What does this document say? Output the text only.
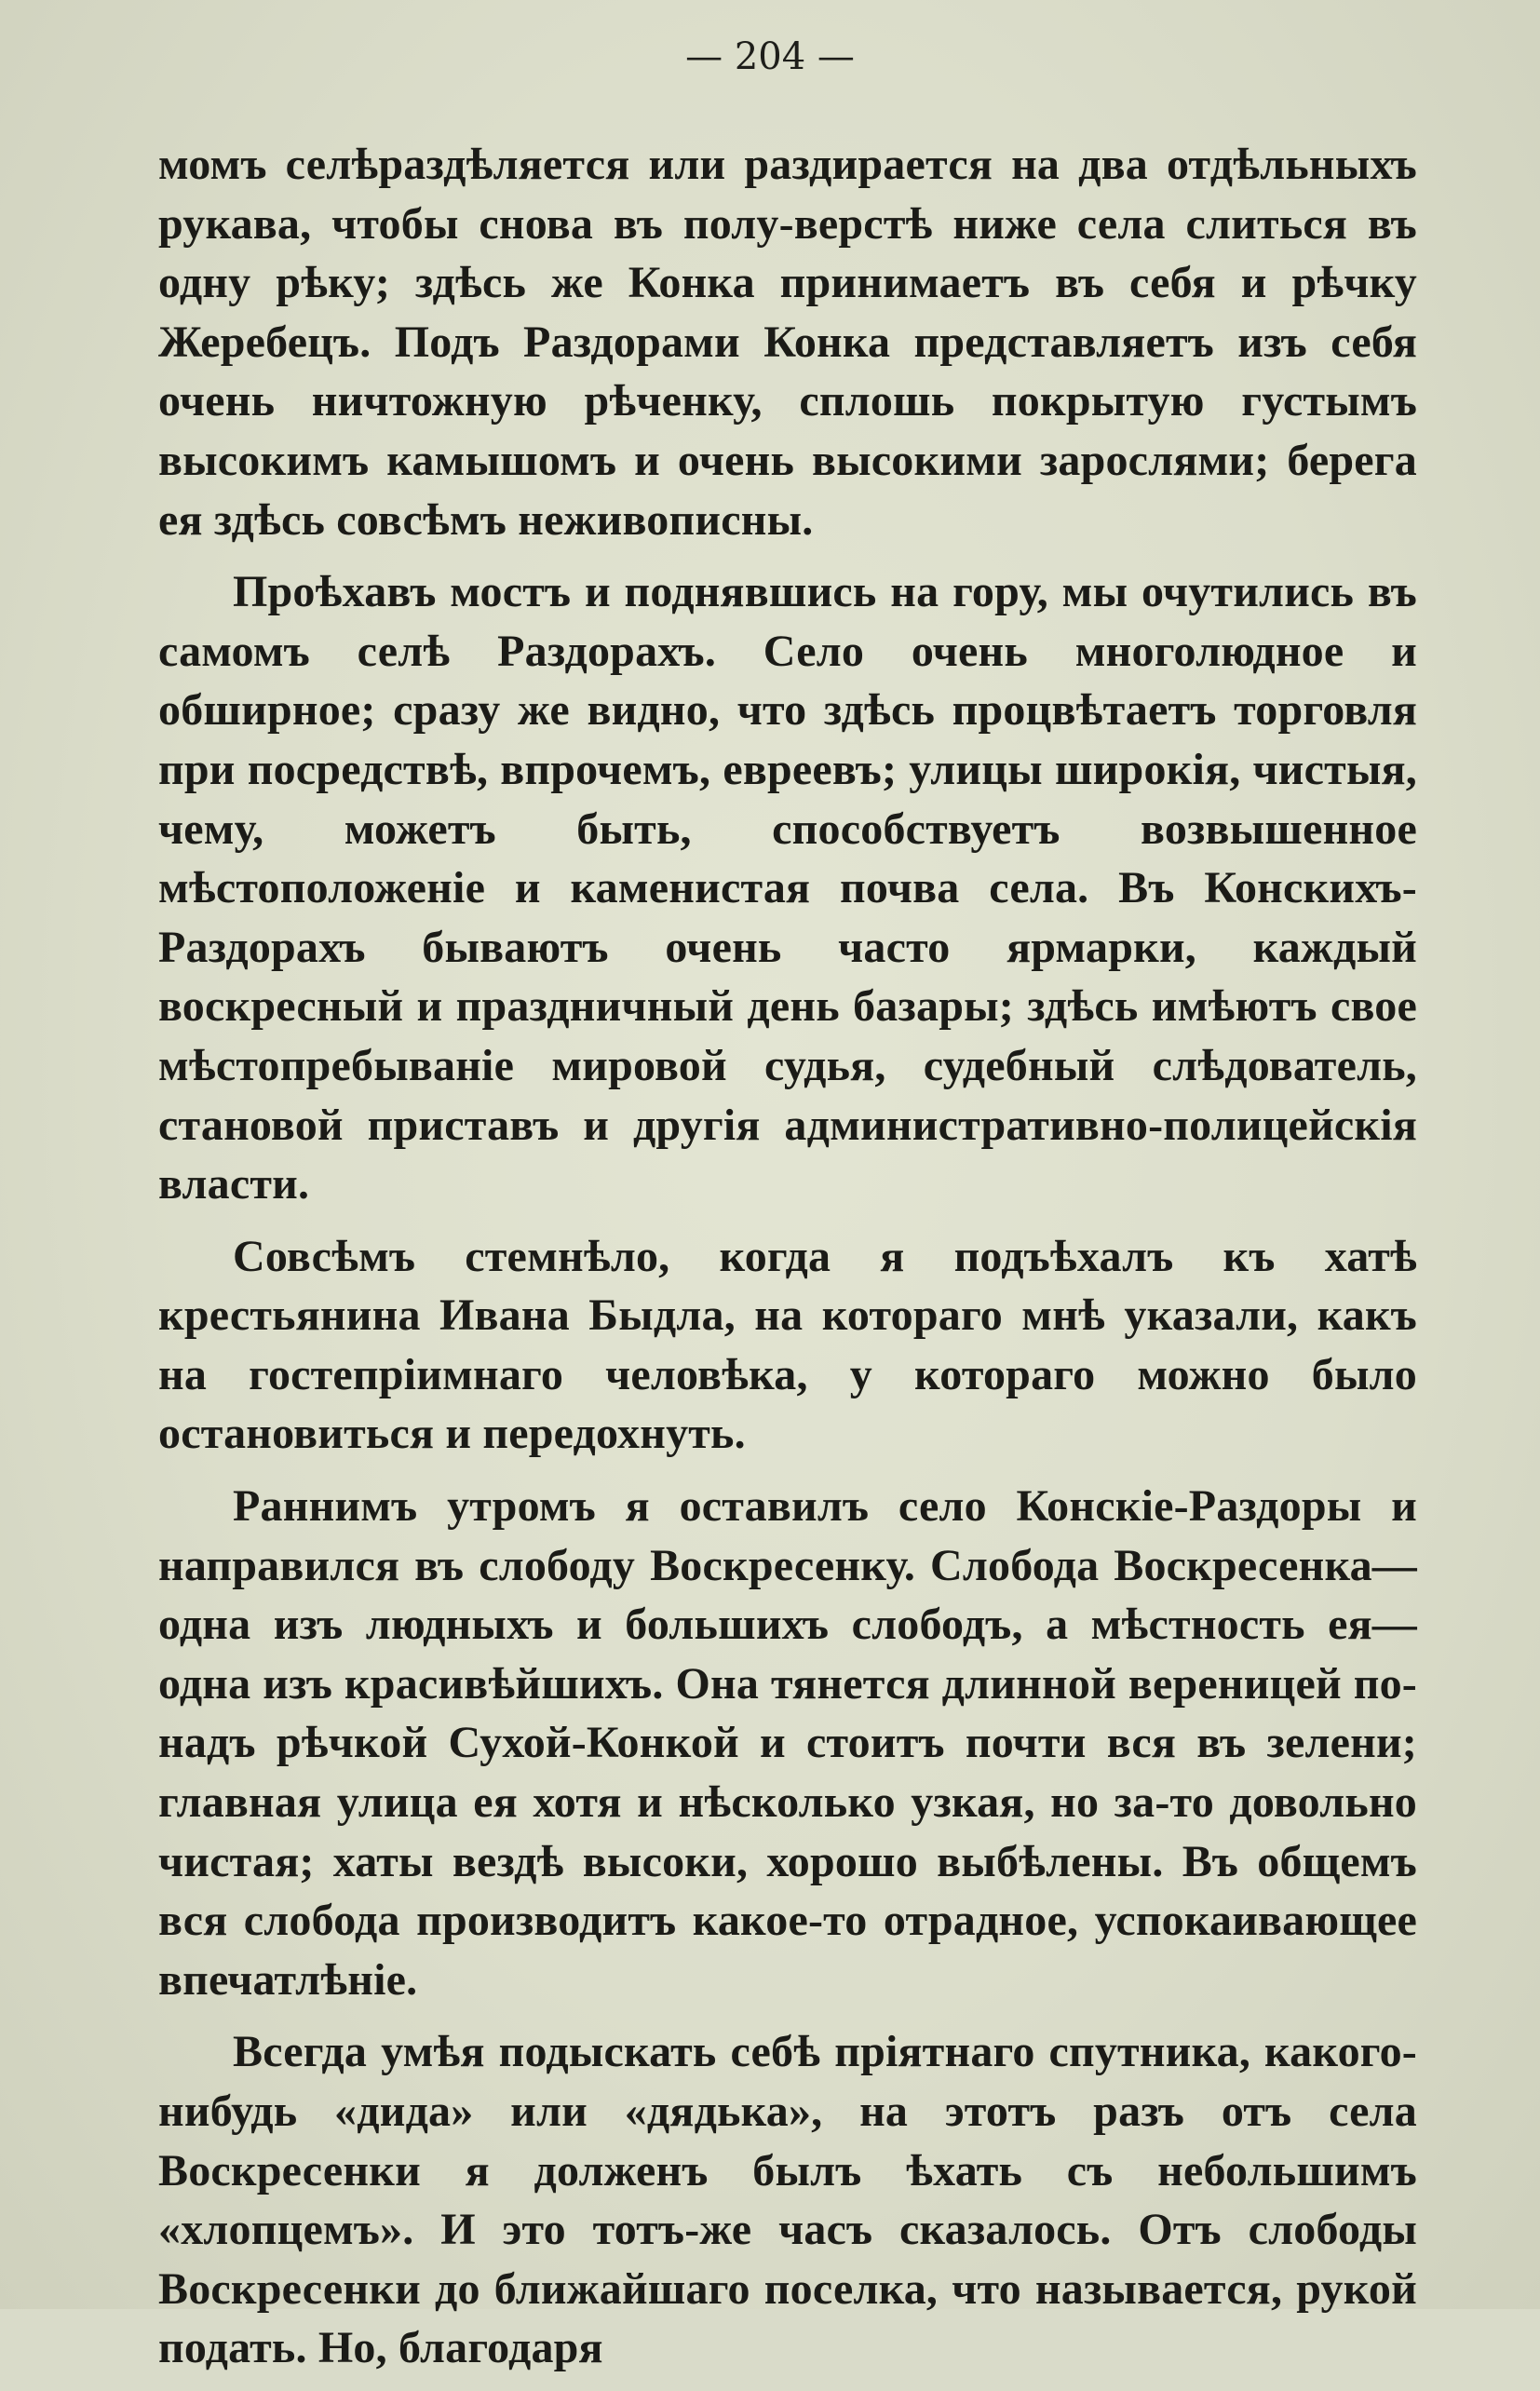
— 204 —

момъ селѣраздѣляется или раздирается на два отдѣльныхъ рукава, чтобы снова въ полу-верстѣ ниже села слиться въ одну рѣку; здѣсь же Конка принимаетъ въ себя и рѣчку Жеребецъ. Подъ Раздорами Конка представляетъ изъ себя очень ничтожную рѣченку, сплошь покрытую густымъ высокимъ камышомъ и очень высокими зарослями; берега ея здѣсь совсѣмъ неживописны.

Проѣхавъ мостъ и поднявшись на гору, мы очутились въ самомъ селѣ Раздорахъ. Село очень многолюдное и обширное; сразу же видно, что здѣсь процвѣтаетъ торговля при посредствѣ, впрочемъ, евреевъ; улицы широкія, чистыя, чему, можетъ быть, способствуетъ возвышенное мѣстоположеніе и каменистая почва села. Въ Конскихъ-Раздорахъ бываютъ очень часто ярмарки, каждый воскресный и праздничный день базары; здѣсь имѣютъ свое мѣстопребываніе мировой судья, судебный слѣдователь, становой приставъ и другія административно-полицейскія власти.

Совсѣмъ стемнѣло, когда я подъѣхалъ къ хатѣ крестьянина Ивана Быдла, на котораго мнѣ указали, какъ на гостепріимнаго человѣка, у котораго можно было остановиться и передохнуть.

Раннимъ утромъ я оставилъ село Конскіе-Раздоры и направился въ слободу Воскресенку. Слобода Воскресенка—одна изъ людныхъ и большихъ слободъ, а мѣстность ея—одна изъ красивѣйшихъ. Она тянется длинной вереницей по-надъ рѣчкой Сухой-Конкой и стоитъ почти вся въ зелени; главная улица ея хотя и нѣсколько узкая, но за-то довольно чистая; хаты вездѣ высоки, хорошо выбѣлены. Въ общемъ вся слобода производитъ какое-то отрадное, успокаивающее впечатлѣніе.

Всегда умѣя подыскать себѣ пріятнаго спутника, какого-нибудь «дида» или «дядька», на этотъ разъ отъ села Воскресенки я долженъ былъ ѣхать съ небольшимъ «хлопцемъ». И это тотъ-же часъ сказалось. Отъ слободы Воскресенки до ближайшаго поселка, что называется, рукой подать. Но, благодаря
